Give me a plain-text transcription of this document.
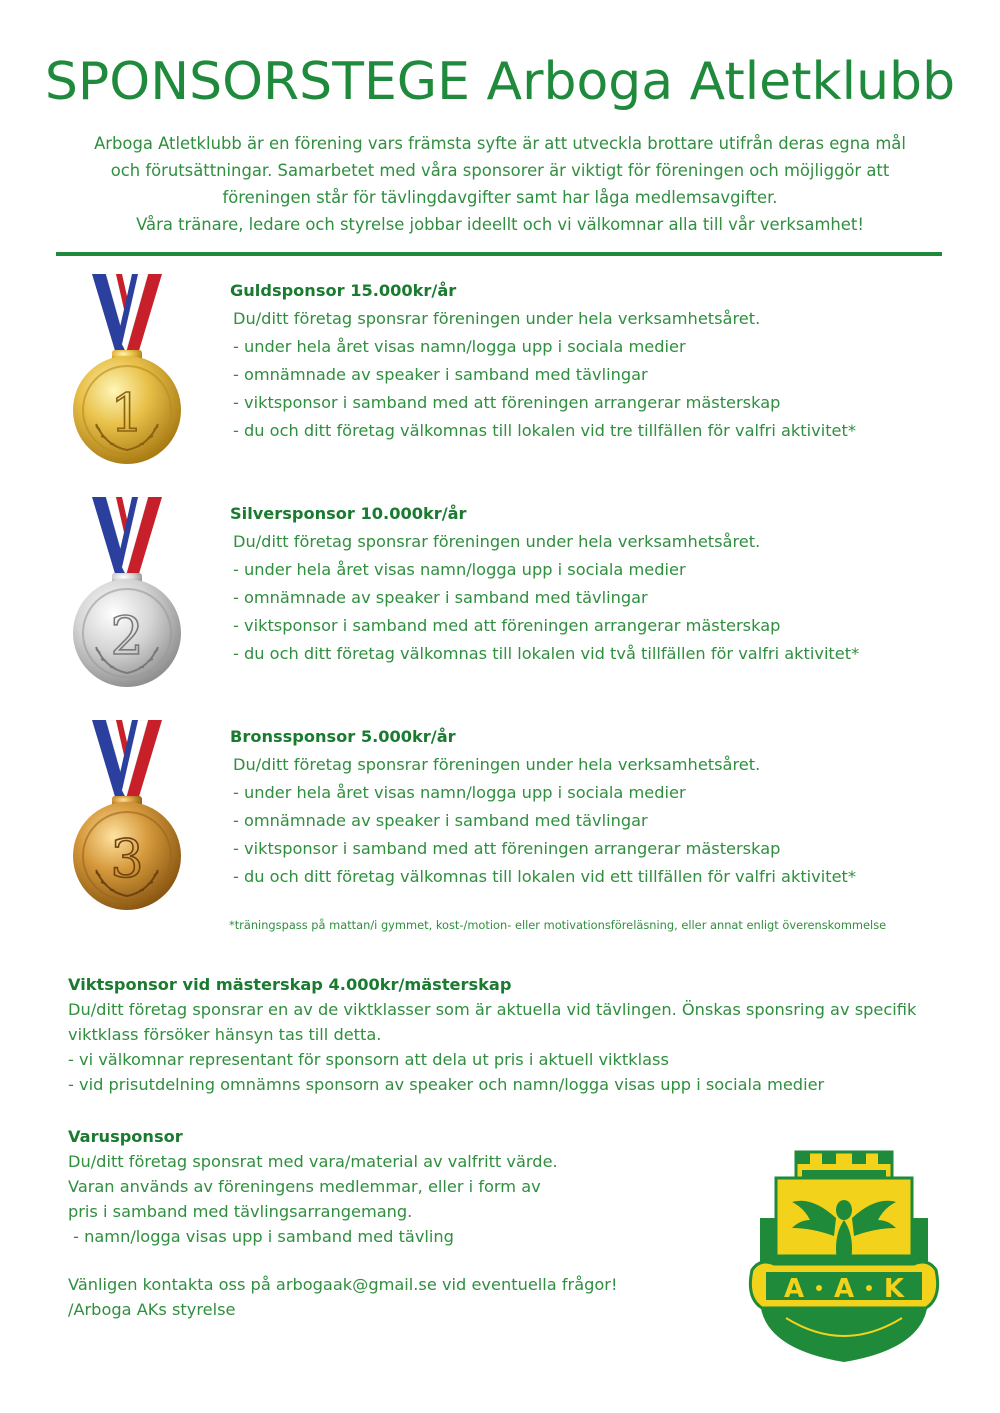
SPONSORSTEGE Arboga Atletklubb
Arboga Atletklubb är en förening vars främsta syfte är att utveckla brottare utifrån deras egna mål
och förutsättningar. Samarbetet med våra sponsorer är viktigt för föreningen och möjliggör att
föreningen står för tävlingdavgifter samt har låga medlemsavgifter.
Våra tränare, ledare och styrelse jobbar ideellt och vi välkomnar alla till vår verksamhet!
1
2
3
Guldsponsor 15.000kr/år
Du/ditt företag sponsrar föreningen under hela verksamhetsåret.
- under hela året visas namn/logga upp i sociala medier
- omnämnade av speaker i samband med tävlingar
- viktsponsor i samband med att föreningen arrangerar mästerskap
- du och ditt företag välkomnas till lokalen vid tre tillfällen för valfri aktivitet*
Silversponsor 10.000kr/år
Du/ditt företag sponsrar föreningen under hela verksamhetsåret.
- under hela året visas namn/logga upp i sociala medier
- omnämnade av speaker i samband med tävlingar
- viktsponsor i samband med att föreningen arrangerar mästerskap
- du och ditt företag välkomnas till lokalen vid två tillfällen för valfri aktivitet*
Bronssponsor 5.000kr/år
Du/ditt företag sponsrar föreningen under hela verksamhetsåret.
- under hela året visas namn/logga upp i sociala medier
- omnämnade av speaker i samband med tävlingar
- viktsponsor i samband med att föreningen arrangerar mästerskap
- du och ditt företag välkomnas till lokalen vid ett tillfällen för valfri aktivitet*
*träningspass på mattan/i gymmet, kost-/motion- eller motivationsföreläsning, eller annat enligt överenskommelse
Viktsponsor vid mästerskap 4.000kr/mästerskap
Du/ditt företag sponsrar en av de viktklasser som är aktuella vid tävlingen. Önskas sponsring av specifik
viktklass försöker hänsyn tas till detta.
- vi välkomnar representant för sponsorn att dela ut pris i aktuell viktklass
- vid prisutdelning omnämns sponsorn av speaker och namn/logga visas upp i sociala medier
Varusponsor
Du/ditt företag sponsrat med vara/material av valfritt värde.
Varan används av föreningens medlemmar, eller i form av
pris i samband med tävlingsarrangemang.
- namn/logga visas upp i samband med tävling
Vänligen kontakta oss på arbogaak@gmail.se vid eventuella frågor!
/Arboga AKs styrelse
A A K
